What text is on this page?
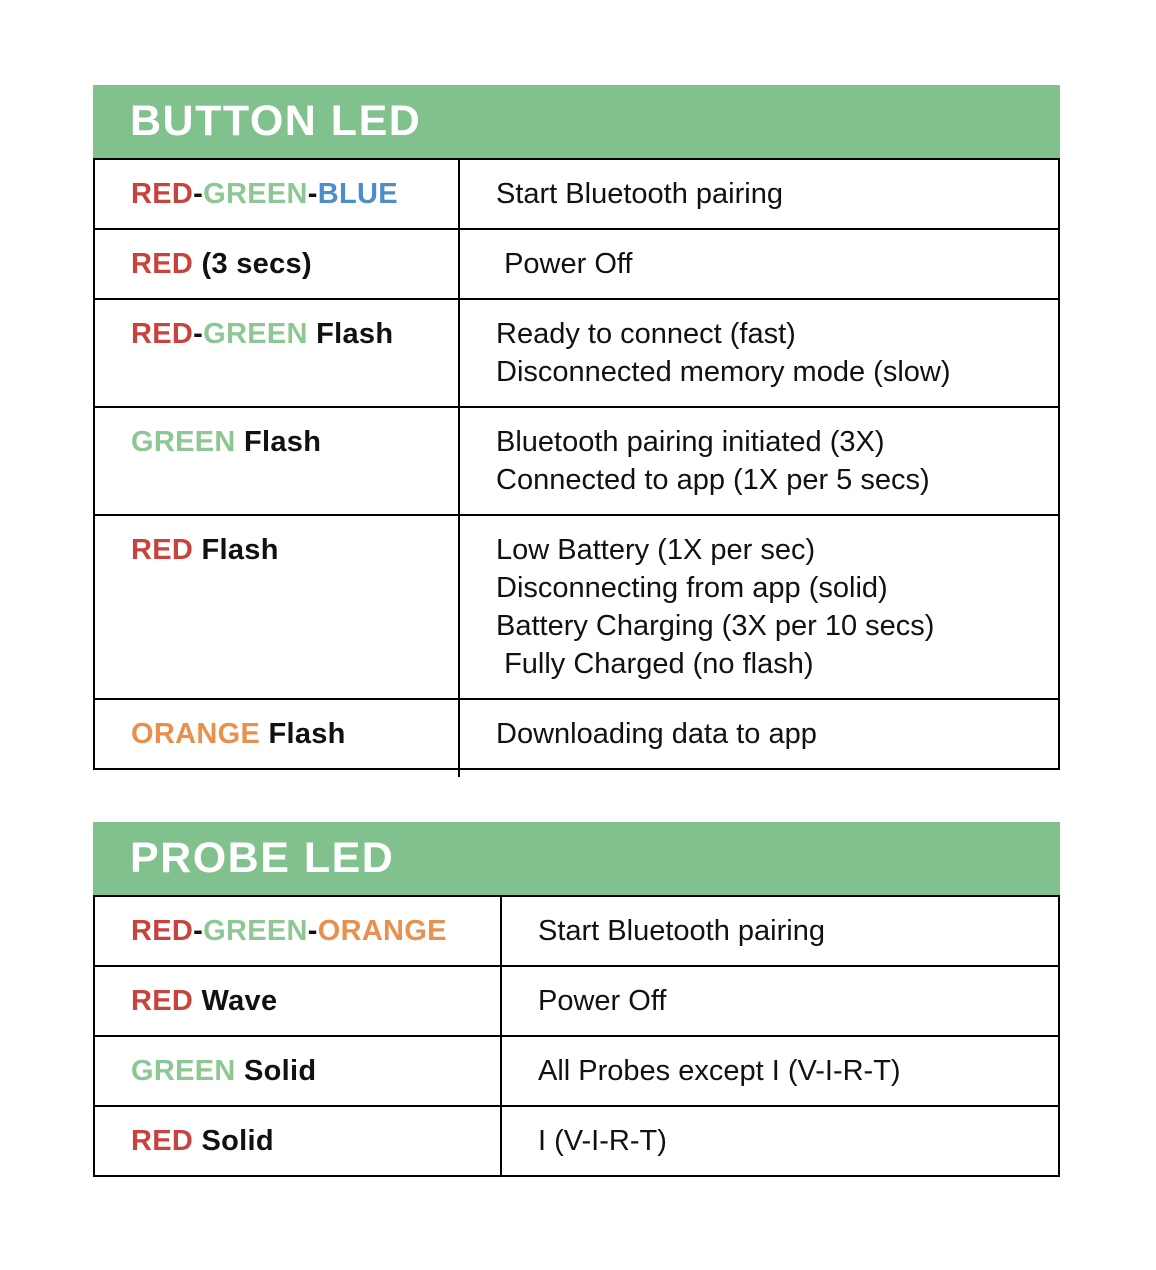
BUTTON LED
RED-GREEN-BLUE	Start Bluetooth pairing
RED (3 secs)	Power Off
RED-GREEN Flash	Ready to connect (fast)
Disconnected memory mode (slow)
GREEN Flash	Bluetooth pairing initiated (3X)
Connected to app (1X per 5 secs)
RED Flash	Low Battery (1X per sec)
Disconnecting from app (solid)
Battery Charging (3X per 10 secs)
Fully Charged (no flash)
ORANGE Flash	Downloading data to app
PROBE LED
RED-GREEN-ORANGE	Start Bluetooth pairing
RED Wave	Power Off
GREEN Solid	All Probes except I (V-I-R-T)
RED Solid	I (V-I-R-T)
